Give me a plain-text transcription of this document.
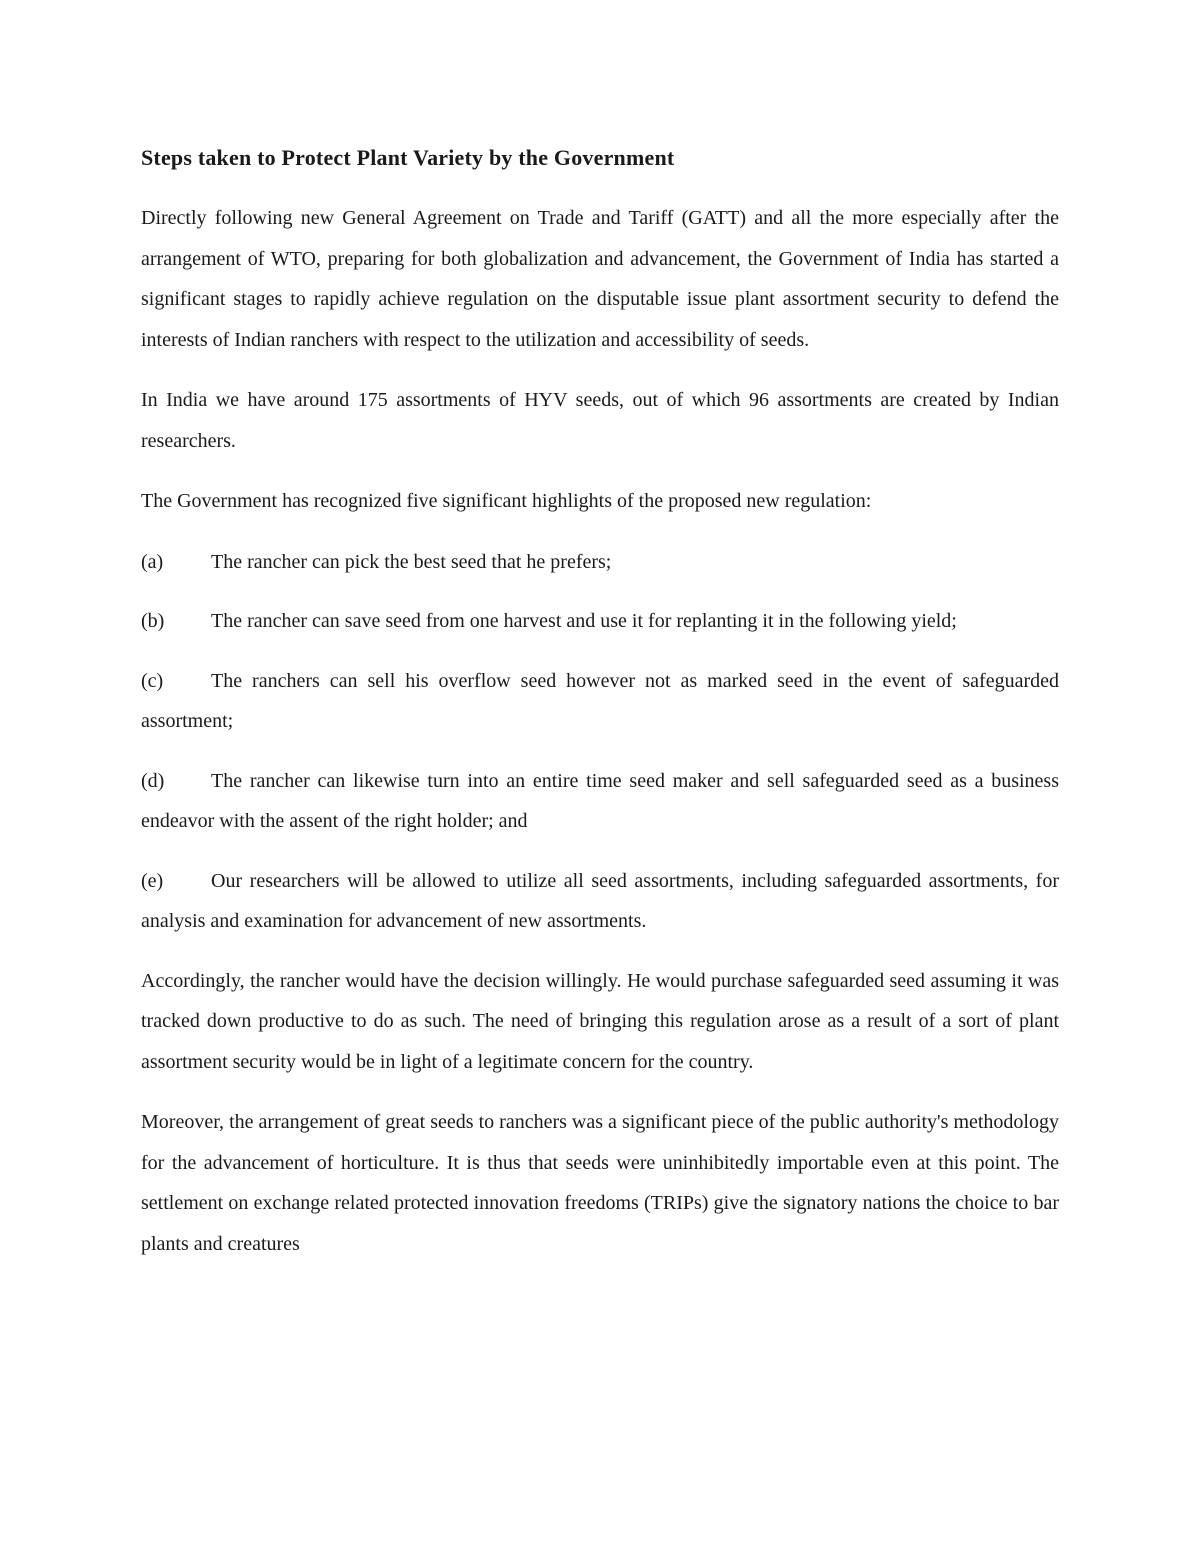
Steps taken to Protect Plant Variety by the Government

Directly following new General Agreement on Trade and Tariff (GATT) and all the more especially after the arrangement of WTO, preparing for both globalization and advancement, the Government of India has started a significant stages to rapidly achieve regulation on the disputable issue plant assortment security to defend the interests of Indian ranchers with respect to the utilization and accessibility of seeds.

In India we have around 175 assortments of HYV seeds, out of which 96 assortments are created by Indian researchers.

The Government has recognized five significant highlights of the proposed new regulation:

(a) The rancher can pick the best seed that he prefers;

(b) The rancher can save seed from one harvest and use it for replanting it in the following yield;

(c) The ranchers can sell his overflow seed however not as marked seed in the event of safeguarded assortment;

(d) The rancher can likewise turn into an entire time seed maker and sell safeguarded seed as a business endeavor with the assent of the right holder; and

(e) Our researchers will be allowed to utilize all seed assortments, including safeguarded assortments, for analysis and examination for advancement of new assortments.

Accordingly, the rancher would have the decision willingly. He would purchase safeguarded seed assuming it was tracked down productive to do as such. The need of bringing this regulation arose as a result of a sort of plant assortment security would be in light of a legitimate concern for the country.

Moreover, the arrangement of great seeds to ranchers was a significant piece of the public authority's methodology for the advancement of horticulture. It is thus that seeds were uninhibitedly importable even at this point. The settlement on exchange related protected innovation freedoms (TRIPs) give the signatory nations the choice to bar plants and creatures
